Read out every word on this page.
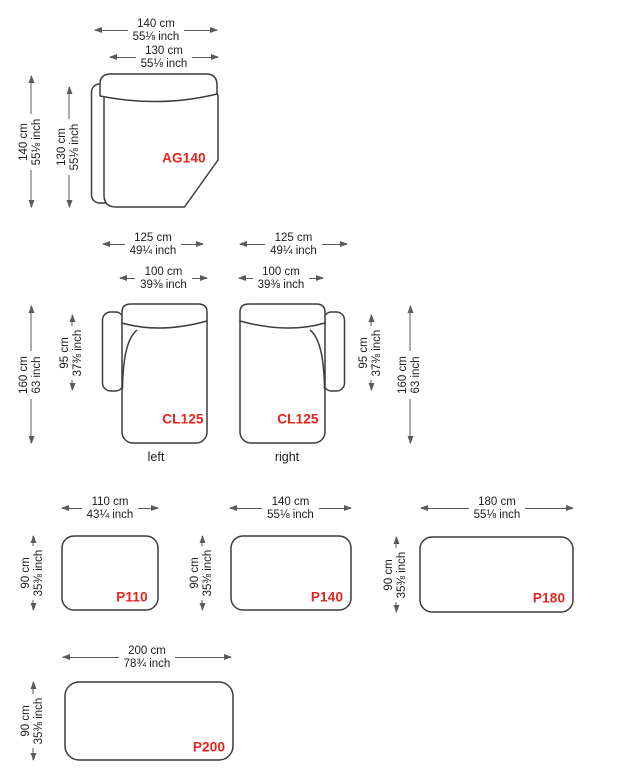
140 cm
55⅛ inch
130 cm
55⅛ inch
140 cm 55⅛ inch 130 cm 55⅛ inch	AG140
125 cm
49¼ inch
100 cm
39⅜ inch
160 cm 63 inch
95 cm 37⅜ inch
CL125
left
125 cm
49¼ inch
100 cm
39⅜ inch
95 cm 37⅜ inch 160 cm 63 inch
CL125
right
110 cm
43¼ inch
90 cm 35⅜ inch
P110
140 cm
55⅛ inch
90 cm 35⅜ inch
P140
180 cm
55⅛ inch
90 cm 35⅜ inch
P180
200 cm
78¾ inch
90 cm 35⅜ inch
P200
